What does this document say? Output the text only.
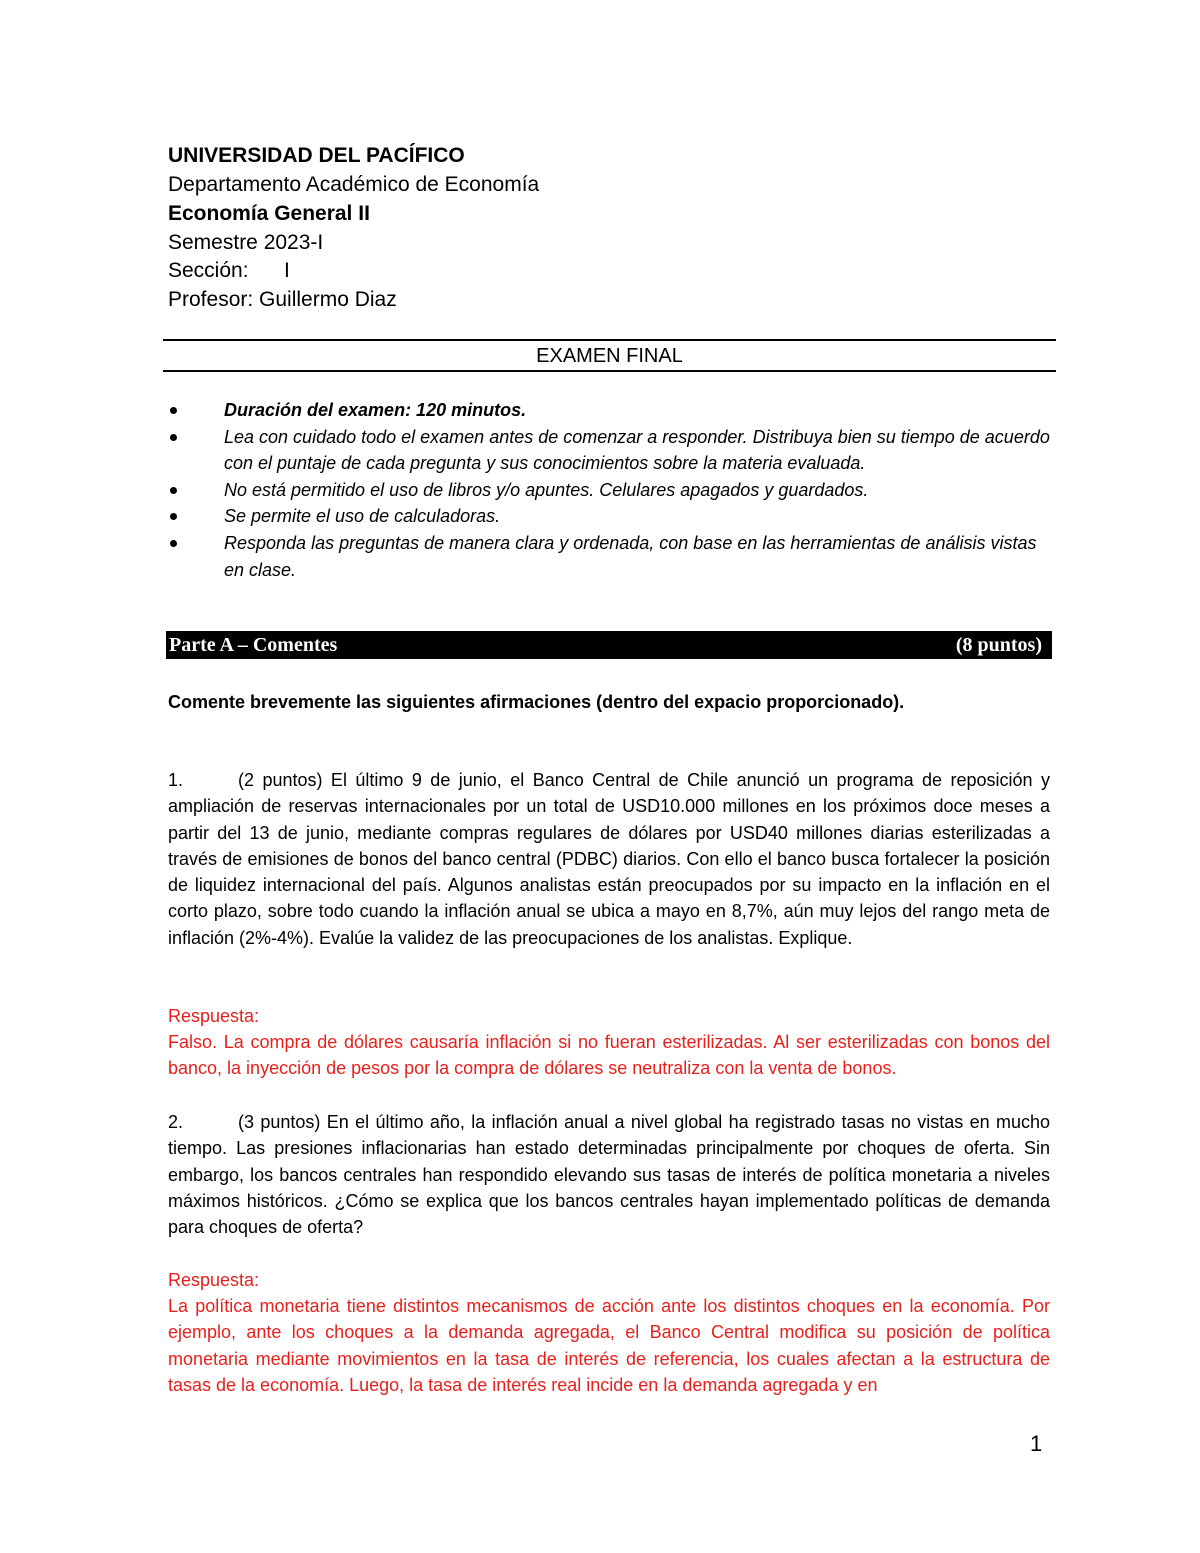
UNIVERSIDAD DEL PACÍFICO
Departamento Académico de Economía
Economía General II
Semestre 2023-I
Sección: I
Profesor: Guillermo Diaz
EXAMEN FINAL
Duración del examen: 120 minutos.
Lea con cuidado todo el examen antes de comenzar a responder. Distribuya bien su tiempo de acuerdo con el puntaje de cada pregunta y sus conocimientos sobre la materia evaluada.
No está permitido el uso de libros y/o apuntes. Celulares apagados y guardados.
Se permite el uso de calculadoras.
Responda las preguntas de manera clara y ordenada, con base en las herramientas de análisis vistas en clase.
Parte A – Comentes	(8 puntos)
Comente brevemente las siguientes afirmaciones (dentro del expacio proporcionado).
1.	(2 puntos) El último 9 de junio, el Banco Central de Chile anunció un programa de reposición y ampliación de reservas internacionales por un total de USD10.000 millones en los próximos doce meses a partir del 13 de junio, mediante compras regulares de dólares por USD40 millones diarias esterilizadas a través de emisiones de bonos del banco central (PDBC) diarios. Con ello el banco busca fortalecer la posición de liquidez internacional del país. Algunos analistas están preocupados por su impacto en la inflación en el corto plazo, sobre todo cuando la inflación anual se ubica a mayo en 8,7%, aún muy lejos del rango meta de inflación (2%-4%). Evalúe la validez de las preocupaciones de los analistas. Explique.
Respuesta:
Falso. La compra de dólares causaría inflación si no fueran esterilizadas. Al ser esterilizadas con bonos del banco, la inyección de pesos por la compra de dólares se neutraliza con la venta de bonos.
2.	(3 puntos) En el último año, la inflación anual a nivel global ha registrado tasas no vistas en mucho tiempo. Las presiones inflacionarias han estado determinadas principalmente por choques de oferta. Sin embargo, los bancos centrales han respondido elevando sus tasas de interés de política monetaria a niveles máximos históricos. ¿Cómo se explica que los bancos centrales hayan implementado políticas de demanda para choques de oferta?
Respuesta:
La política monetaria tiene distintos mecanismos de acción ante los distintos choques en la economía. Por ejemplo, ante los choques a la demanda agregada, el Banco Central modifica su posición de política monetaria mediante movimientos en la tasa de interés de referencia, los cuales afectan a la estructura de tasas de la economía. Luego, la tasa de interés real incide en la demanda agregada y en
1
